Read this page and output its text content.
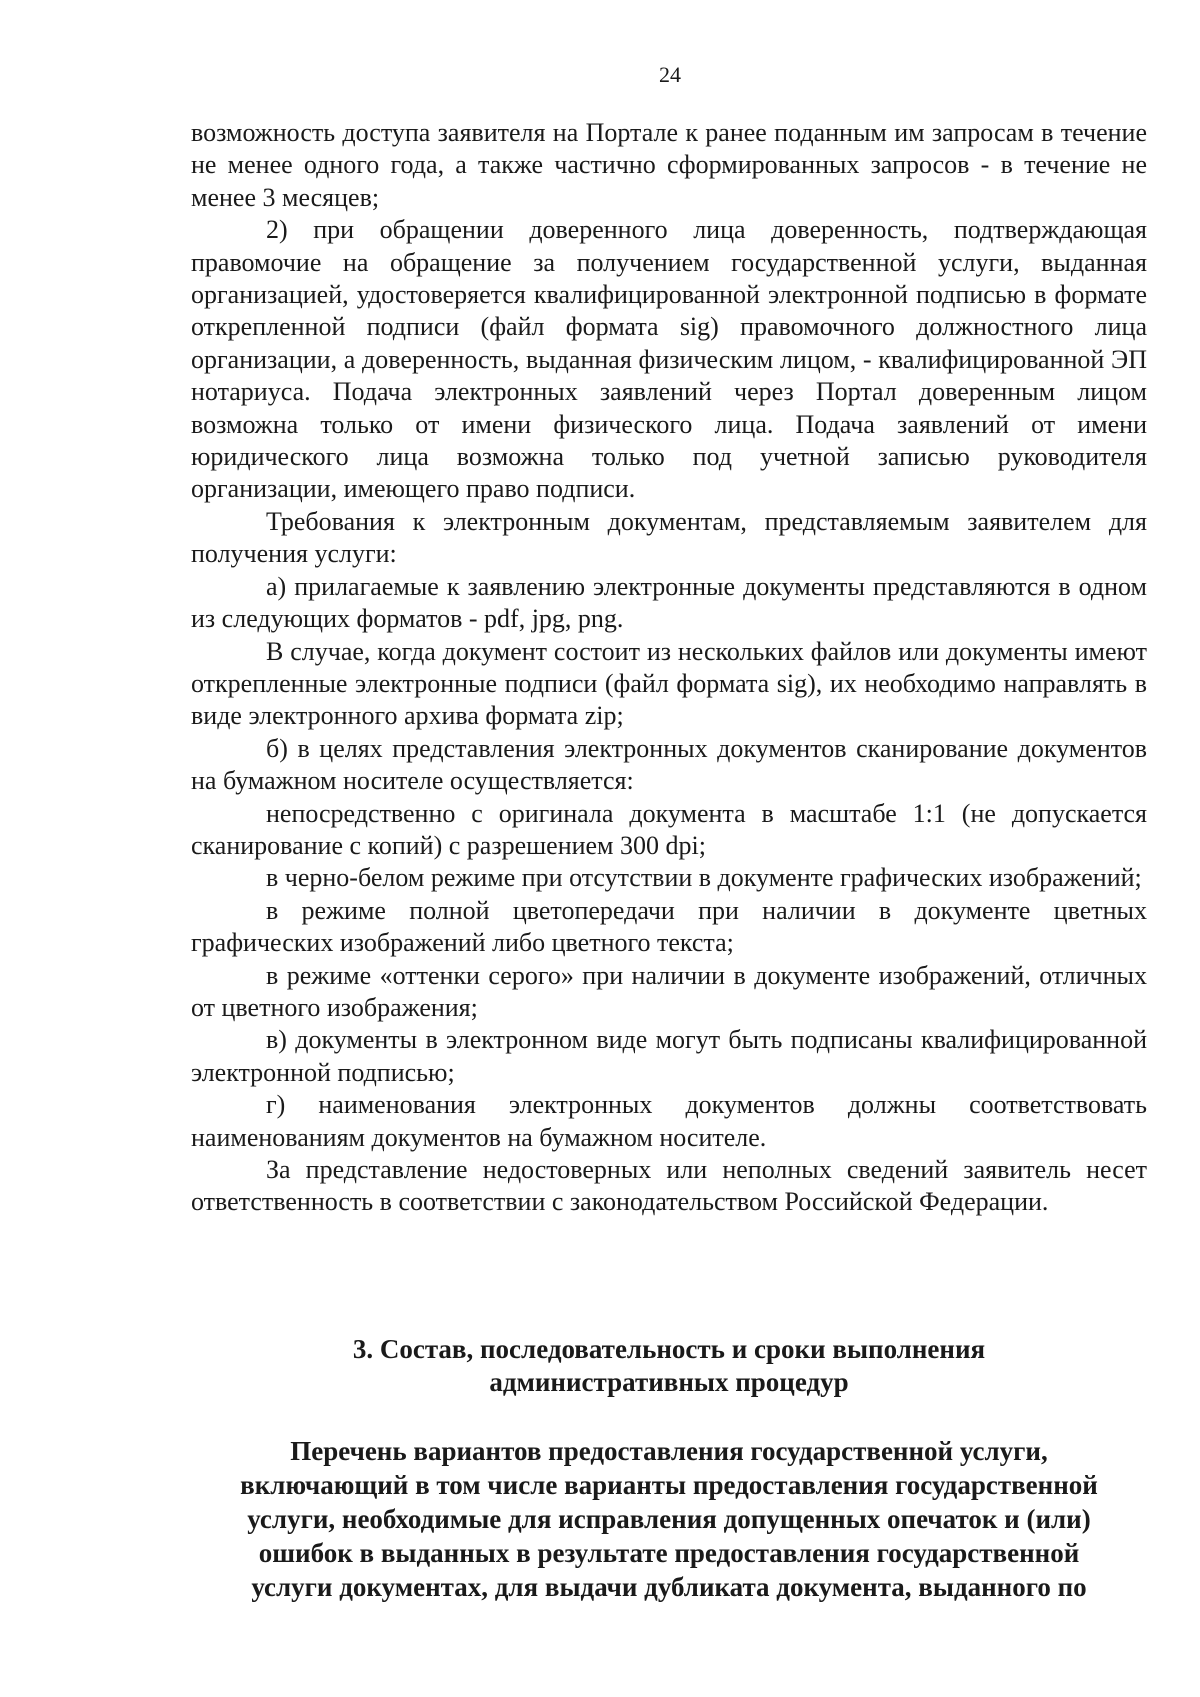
24

возможность доступа заявителя на Портале к ранее поданным им запросам в течение не менее одного года, а также частично сформированных запросов - в течение не менее 3 месяцев;

2) при обращении доверенного лица доверенность, подтверждающая правомочие на обращение за получением государственной услуги, выданная организацией, удостоверяется квалифицированной электронной подписью в формате открепленной подписи (файл формата sig) правомочного должностного лица организации, а доверенность, выданная физическим лицом, - квалифицированной ЭП нотариуса. Подача электронных заявлений через Портал доверенным лицом возможна только от имени физического лица. Подача заявлений от имени юридического лица возможна только под учетной записью руководителя организации, имеющего право подписи.

Требования к электронным документам, представляемым заявителем для получения услуги:

а) прилагаемые к заявлению электронные документы представляются в одном из следующих форматов - pdf, jpg, png.

В случае, когда документ состоит из нескольких файлов или документы имеют открепленные электронные подписи (файл формата sig), их необходимо направлять в виде электронного архива формата zip;

б) в целях представления электронных документов сканирование документов на бумажном носителе осуществляется:

непосредственно с оригинала документа в масштабе 1:1 (не допускается сканирование с копий) с разрешением 300 dpi;

в черно-белом режиме при отсутствии в документе графических изображений;

в режиме полной цветопередачи при наличии в документе цветных графических изображений либо цветного текста;

в режиме «оттенки серого» при наличии в документе изображений, отличных от цветного изображения;

в) документы в электронном виде могут быть подписаны квалифицированной электронной подписью;

г) наименования электронных документов должны соответствовать наименованиям документов на бумажном носителе.

За представление недостоверных или неполных сведений заявитель несет ответственность в соответствии с законодательством Российской Федерации.

3. Состав, последовательность и сроки выполнения
административных процедур
Перечень вариантов предоставления государственной услуги,
включающий в том числе варианты предоставления государственной
услуги, необходимые для исправления допущенных опечаток и (или)
ошибок в выданных в результате предоставления государственной
услуги документах, для выдачи дубликата документа, выданного по
